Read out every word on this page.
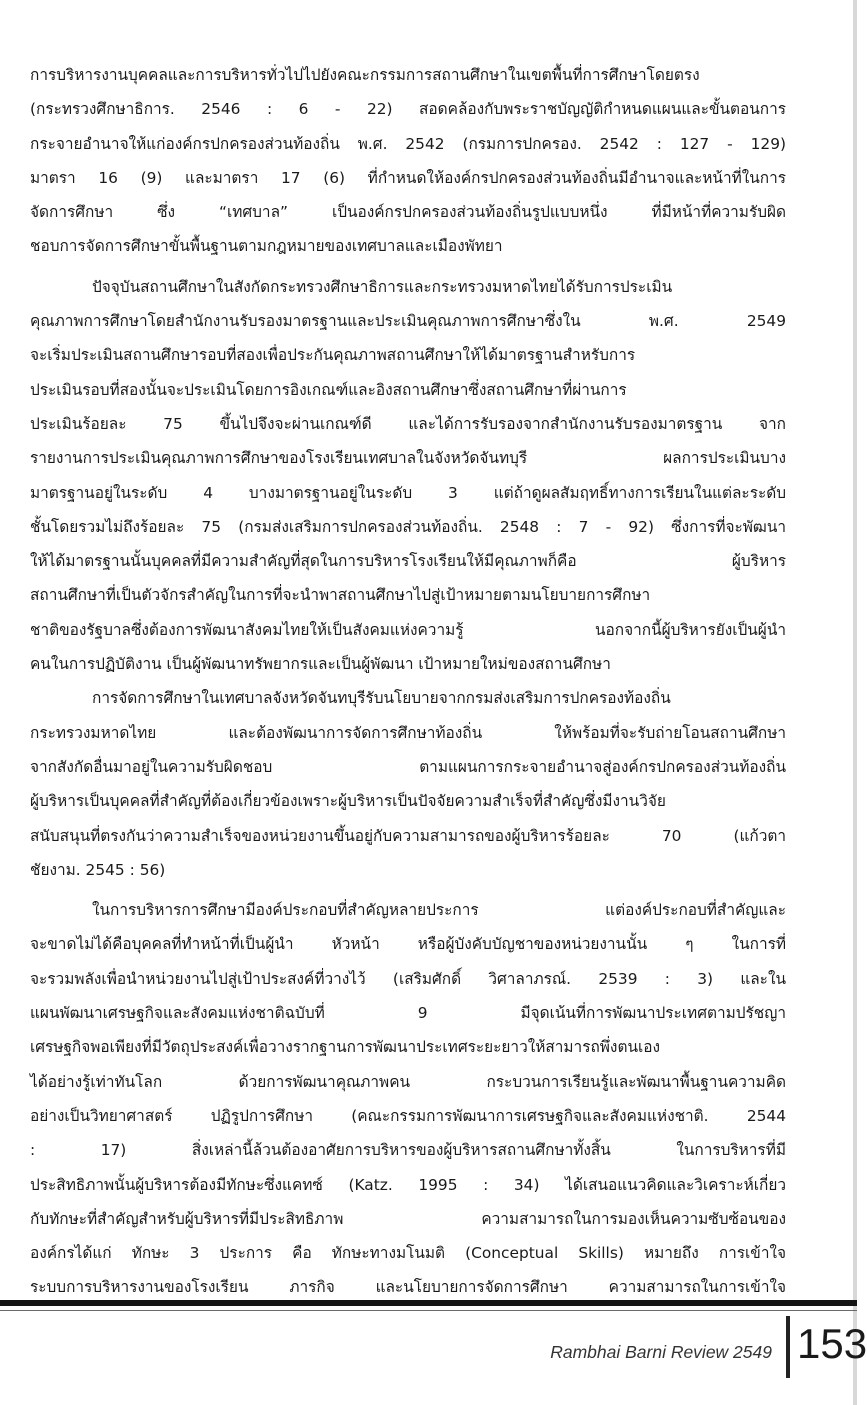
การบริหารงานบุคคลและการบริหารทั่วไปไปยังคณะกรรมการสถานศึกษาในเขตพื้นที่การศึกษาโดยตรง
(กระทรวงศึกษาธิการ. 2546 : 6 - 22) สอดคล้องกับพระราชบัญญัติกำหนดแผนและขั้นตอนการ
กระจายอำนาจให้แก่องค์กรปกครองส่วนท้องถิ่น พ.ศ. 2542 (กรมการปกครอง. 2542 : 127 - 129)
มาตรา 16 (9) และมาตรา 17 (6) ที่กำหนดให้องค์กรปกครองส่วนท้องถิ่นมีอำนาจและหน้าที่ในการ
จัดการศึกษา ซึ่ง “เทศบาล” เป็นองค์กรปกครองส่วนท้องถิ่นรูปแบบหนึ่ง ที่มีหน้าที่ความรับผิด
ชอบการจัดการศึกษาขั้นพื้นฐานตามกฎหมายของเทศบาลและเมืองพัทยา
ปัจจุบันสถานศึกษาในสังกัดกระทรวงศึกษาธิการและกระทรวงมหาดไทยได้รับการประเมิน
คุณภาพการศึกษาโดยสำนักงานรับรองมาตรฐานและประเมินคุณภาพการศึกษาซึ่งใน พ.ศ. 2549
จะเริ่มประเมินสถานศึกษารอบที่สองเพื่อประกันคุณภาพสถานศึกษาให้ได้มาตรฐานสำหรับการ
ประเมินรอบที่สองนั้นจะประเมินโดยการอิงเกณฑ์และอิงสถานศึกษาซึ่งสถานศึกษาที่ผ่านการ
ประเมินร้อยละ 75 ขึ้นไปจึงจะผ่านเกณฑ์ดี และได้การรับรองจากสำนักงานรับรองมาตรฐาน จาก
รายงานการประเมินคุณภาพการศึกษาของโรงเรียนเทศบาลในจังหวัดจันทบุรี ผลการประเมินบาง
มาตรฐานอยู่ในระดับ 4 บางมาตรฐานอยู่ในระดับ 3 แต่ถ้าดูผลสัมฤทธิ์ทางการเรียนในแต่ละระดับ
ชั้นโดยรวมไม่ถึงร้อยละ 75 (กรมส่งเสริมการปกครองส่วนท้องถิ่น. 2548 : 7 - 92) ซึ่งการที่จะพัฒนา
ให้ได้มาตรฐานนั้นบุคคลที่มีความสำคัญที่สุดในการบริหารโรงเรียนให้มีคุณภาพก็คือ ผู้บริหาร
สถานศึกษาที่เป็นตัวจักรสำคัญในการที่จะนำพาสถานศึกษาไปสู่เป้าหมายตามนโยบายการศึกษา
ชาติของรัฐบาลซึ่งต้องการพัฒนาสังคมไทยให้เป็นสังคมแห่งความรู้ นอกจากนี้ผู้บริหารยังเป็นผู้นำ
คนในการปฏิบัติงาน เป็นผู้พัฒนาทรัพยากรและเป็นผู้พัฒนา เป้าหมายใหม่ของสถานศึกษา
การจัดการศึกษาในเทศบาลจังหวัดจันทบุรีรับนโยบายจากกรมส่งเสริมการปกครองท้องถิ่น
กระทรวงมหาดไทย และต้องพัฒนาการจัดการศึกษาท้องถิ่น ให้พร้อมที่จะรับถ่ายโอนสถานศึกษา
จากสังกัดอื่นมาอยู่ในความรับผิดชอบ ตามแผนการกระจายอำนาจสู่องค์กรปกครองส่วนท้องถิ่น
ผู้บริหารเป็นบุคคลที่สำคัญที่ต้องเกี่ยวข้องเพราะผู้บริหารเป็นปัจจัยความสำเร็จที่สำคัญซึ่งมีงานวิจัย
สนับสนุนที่ตรงกันว่าความสำเร็จของหน่วยงานขึ้นอยู่กับความสามารถของผู้บริหารร้อยละ 70 (แก้วตา
ชัยงาม. 2545 : 56)
ในการบริหารการศึกษามีองค์ประกอบที่สำคัญหลายประการ แต่องค์ประกอบที่สำคัญและ
จะขาดไม่ได้คือบุคคลที่ทำหน้าที่เป็นผู้นำ หัวหน้า หรือผู้บังคับบัญชาของหน่วยงานนั้น ๆ ในการที่
จะรวมพลังเพื่อนำหน่วยงานไปสู่เป้าประสงค์ที่วางไว้ (เสริมศักดิ์ วิศาลาภรณ์. 2539 : 3) และใน
แผนพัฒนาเศรษฐกิจและสังคมแห่งชาติฉบับที่ 9 มีจุดเน้นที่การพัฒนาประเทศตามปรัชญา
เศรษฐกิจพอเพียงที่มีวัตถุประสงค์เพื่อวางรากฐานการพัฒนาประเทศระยะยาวให้สามารถพึ่งตนเอง
ได้อย่างรู้เท่าทันโลก ด้วยการพัฒนาคุณภาพคน กระบวนการเรียนรู้และพัฒนาพื้นฐานความคิด
อย่างเป็นวิทยาศาสตร์ ปฏิรูปการศึกษา (คณะกรรมการพัฒนาการเศรษฐกิจและสังคมแห่งชาติ. 2544
: 17) สิ่งเหล่านี้ล้วนต้องอาศัยการบริหารของผู้บริหารสถานศึกษาทั้งสิ้น ในการบริหารที่มี
ประสิทธิภาพนั้นผู้บริหารต้องมีทักษะซึ่งแคทซ์ (Katz. 1995 : 34) ได้เสนอแนวคิดและวิเคราะห์เกี่ยว
กับทักษะที่สำคัญสำหรับผู้บริหารที่มีประสิทธิภาพ ความสามารถในการมองเห็นความซับซ้อนของ
องค์กรได้แก่ ทักษะ 3 ประการ คือ ทักษะทางมโนมติ (Conceptual Skills) หมายถึง การเข้าใจ
ระบบการบริหารงานของโรงเรียน ภารกิจ และนโยบายการจัดการศึกษา ความสามารถในการเข้าใจ
Rambhai Barni Review 2549 153
